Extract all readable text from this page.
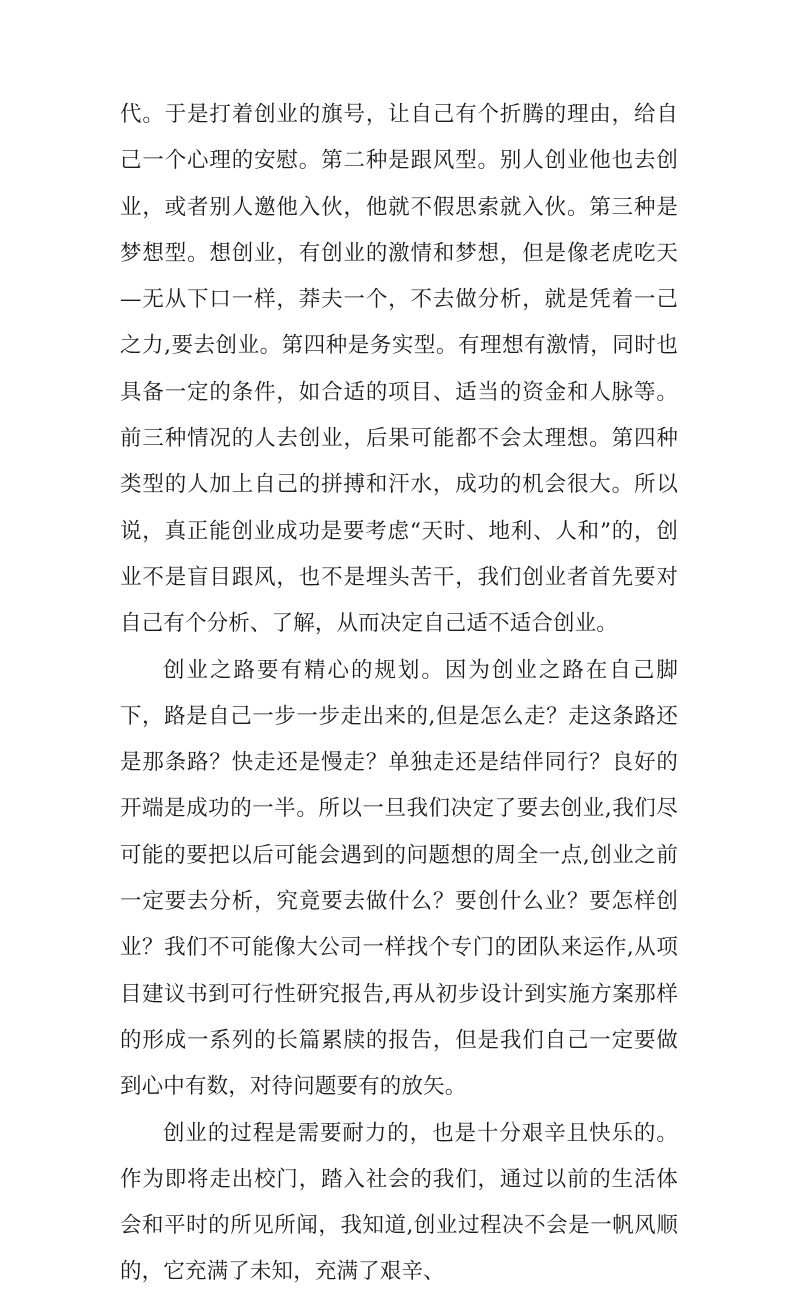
代。于是打着创业的旗号，让自己有个折腾的理由，给自己一个心理的安慰。第二种是跟风型。别人创业他也去创业，或者别人邀他入伙，他就不假思索就入伙。第三种是梦想型。想创业，有创业的激情和梦想，但是像老虎吃天—无从下口一样，莽夫一个，不去做分析，就是凭着一己之力,要去创业。第四种是务实型。有理想有激情，同时也具备一定的条件，如合适的项目、适当的资金和人脉等。前三种情况的人去创业，后果可能都不会太理想。第四种类型的人加上自己的拼搏和汗水，成功的机会很大。所以说，真正能创业成功是要考虑“天时、地利、人和”的，创业不是盲目跟风，也不是埋头苦干，我们创业者首先要对自己有个分析、了解，从而决定自己适不适合创业。

创业之路要有精心的规划。因为创业之路在自己脚下，路是自己一步一步走出来的,但是怎么走？走这条路还是那条路？快走还是慢走？单独走还是结伴同行？良好的开端是成功的一半。所以一旦我们决定了要去创业,我们尽可能的要把以后可能会遇到的问题想的周全一点,创业之前一定要去分析，究竟要去做什么？要创什么业？要怎样创业？我们不可能像大公司一样找个专门的团队来运作,从项目建议书到可行性研究报告,再从初步设计到实施方案那样的形成一系列的长篇累牍的报告，但是我们自己一定要做到心中有数，对待问题要有的放矢。

创业的过程是需要耐力的，也是十分艰辛且快乐的。作为即将走出校门，踏入社会的我们，通过以前的生活体会和平时的所见所闻，我知道,创业过程决不会是一帆风顺的，它充满了未知，充满了艰辛、
